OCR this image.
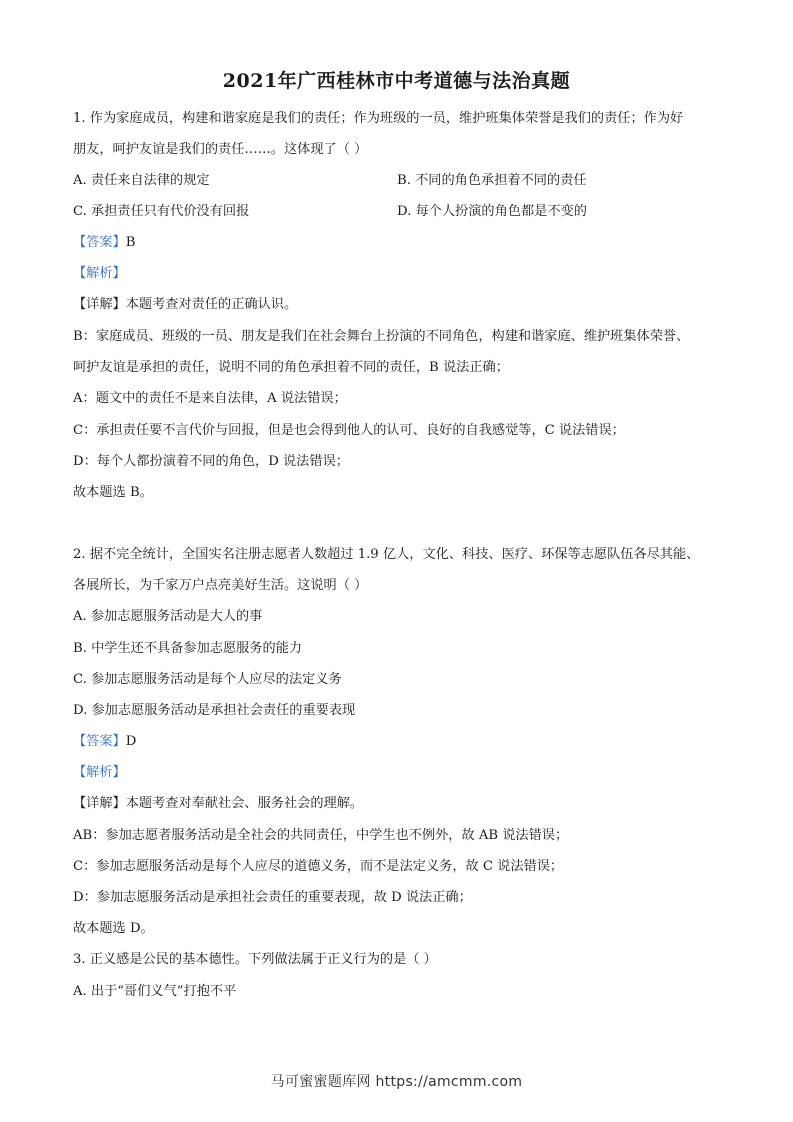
2021年广西桂林市中考道德与法治真题
1. 作为家庭成员，构建和谐家庭是我们的责任；作为班级的一员，维护班集体荣誉是我们的责任；作为好
朋友，呵护友谊是我们的责任……。这体现了（ ）
A. 责任来自法律的规定	B. 不同的角色承担着不同的责任
C. 承担责任只有代价没有回报	D. 每个人扮演的角色都是不变的
【答案】B
【解析】
【详解】本题考查对责任的正确认识。
B：家庭成员、班级的一员、朋友是我们在社会舞台上扮演的不同角色，构建和谐家庭、维护班集体荣誉、
呵护友谊是承担的责任，说明不同的角色承担着不同的责任，B 说法正确；
A：题文中的责任不是来自法律，A 说法错误；
C：承担责任要不言代价与回报，但是也会得到他人的认可、良好的自我感觉等，C 说法错误；
D：每个人都扮演着不同的角色，D 说法错误；
故本题选 B。
2. 据不完全统计，全国实名注册志愿者人数超过 1.9 亿人，文化、科技、医疗、环保等志愿队伍各尽其能、
各展所长，为千家万户点亮美好生活。这说明（ ）
A. 参加志愿服务活动是大人的事
B. 中学生还不具备参加志愿服务的能力
C. 参加志愿服务活动是每个人应尽的法定义务
D. 参加志愿服务活动是承担社会责任的重要表现
【答案】D
【解析】
【详解】本题考查对奉献社会、服务社会的理解。
AB：参加志愿者服务活动是全社会的共同责任，中学生也不例外，故 AB 说法错误；
C：参加志愿服务活动是每个人应尽的道德义务，而不是法定义务，故 C 说法错误；
D：参加志愿服务活动是承担社会责任的重要表现，故 D 说法正确；
故本题选 D。
3. 正义感是公民的基本德性。下列做法属于正义行为的是（ ）
A. 出于“哥们义气”打抱不平
马可蜜蜜题库网 https://amcmm.com
